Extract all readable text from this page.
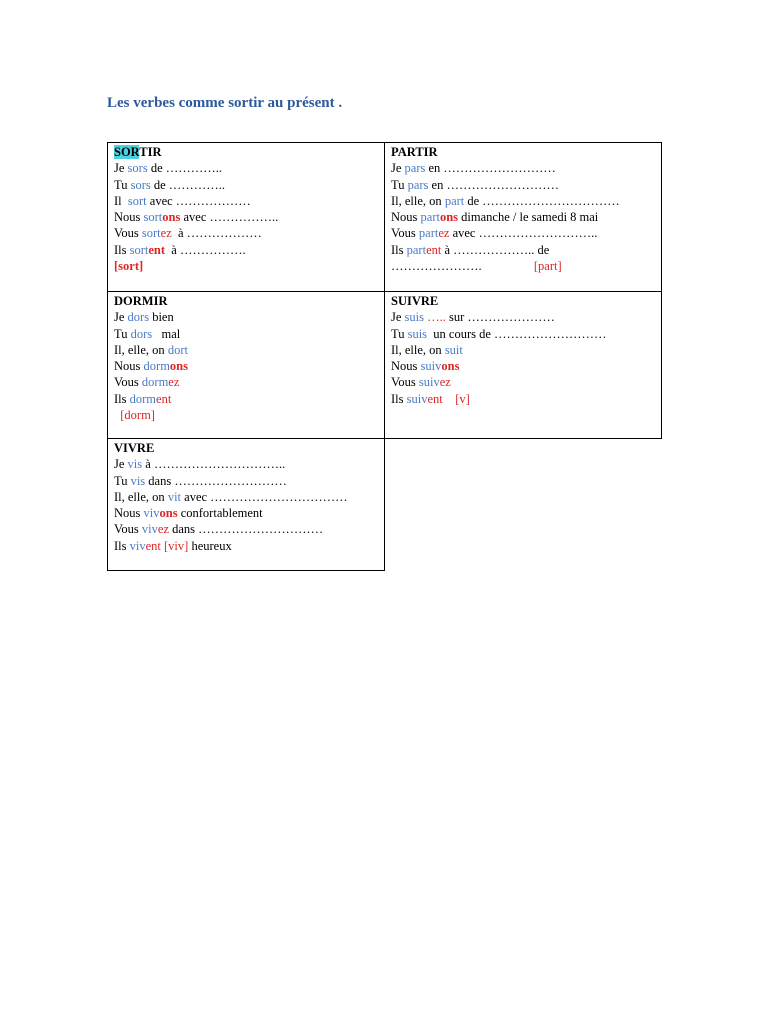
Les verbes comme sortir au présent .
SORTIR
Je sors de …………..
Tu sors de …………..
Il  sort avec ………………
Nous sortons avec ……………..
Vous sortez  à ………………
Ils sortent  à …………….
[sort]
PARTIR
Je pars en ………………………
Tu pars en ………………………
Il, elle, on part de ……………………………
Nous partons dimanche / le samedi 8 mai
Vous partez avec ………………………..
Ils partent à ……………….. de
………………….	[part]
DORMIR
Je dors bien
Tu dors   mal
Il, elle, on dort
Nous dormons
Vous dormez
Ils dorment
[dorm]
SUIVRE
Je suis ….. sur …………………
Tu suis  un cours de ………………………
Il, elle, on suit
Nous suivons
Vous suivez
Ils suivent [v]
VIVRE
Je vis à …………………………..
Tu vis dans ………………………
Il, elle, on vit avec ……………………………
Nous vivons confortablement
Vous vivez dans …………………………
Ils vivent [viv] heureux
